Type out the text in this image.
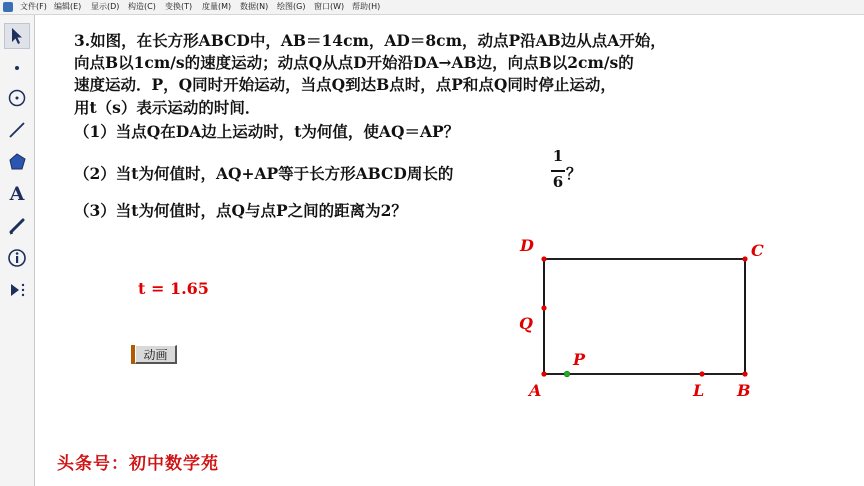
文件(F) 编辑(E) 显示(D) 构造(C) 变换(T) 度量(M) 数据(N) 绘图(G) 窗口(W) 帮助(H)
A
3.如图，在长方形ABCD中，AB＝14cm，AD＝8cm，动点P沿AB边从点A开始，
向点B以1cm/s的速度运动；动点Q从点D开始沿DA→AB边，向点B以2cm/s的
速度运动．P，Q同时开始运动，当点Q到达B点时，点P和点Q同时停止运动，
用t（s）表示运动的时间．
（1）当点Q在DA边上运动时，t为何值，使AQ＝AP？
（2）当t为何值时，AQ+AP等于长方形ABCD周长的
1
6 ？
（3）当t为何值时，点Q与点P之间的距离为2？
t = 1.65
动画
D	C
Q
P
A	L B
头条号：初中数学苑
